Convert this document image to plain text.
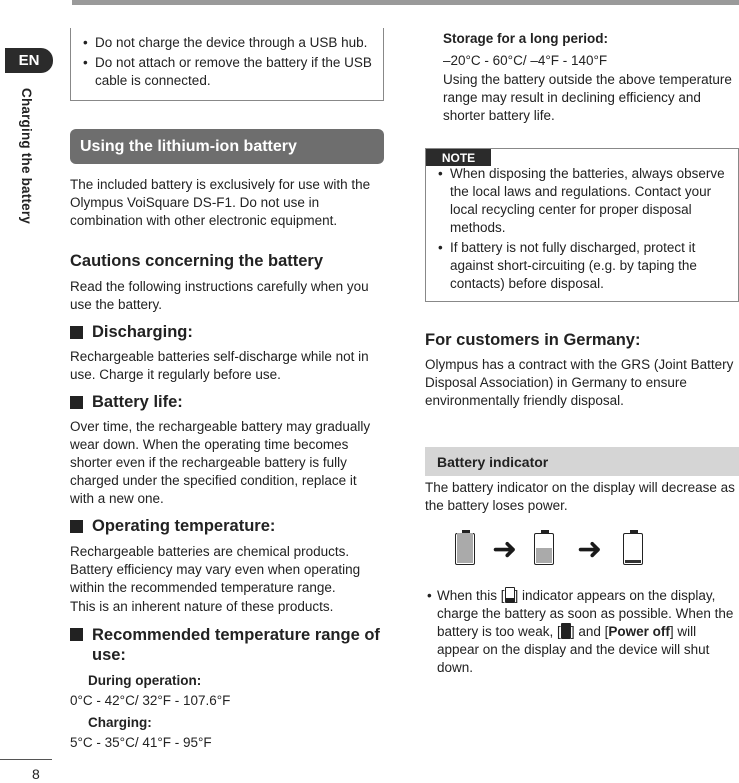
EN
Charging the battery
8
• Do not charge the device through a USB hub.
• Do not attach or remove the battery if the USB cable is connected.
Using the lithium-ion battery

The included battery is exclusively for use with the Olympus VoiSquare DS-F1. Do not use in combination with other electronic equipment.

Cautions concerning the battery

Read the following instructions carefully when you use the battery.

Discharging:

Rechargeable batteries self-discharge while not in use. Charge it regularly before use.

Battery life:

Over time, the rechargeable battery may gradually wear down. When the operating time becomes shorter even if the rechargeable battery is fully charged under the specified condition, replace it with a new one.

Operating temperature:

Rechargeable batteries are chemical products. Battery efficiency may vary even when operating within the recommended temperature range.

This is an inherent nature of these products.

Recommended temperature range of use:
During operation:

0°C - 42°C/ 32°F - 107.6°F

Charging:

5°C - 35°C/ 41°F - 95°F

Storage for a long period:

–20°C - 60°C/ –4°F - 140°F

Using the battery outside the above temperature range may result in declining efficiency and shorter battery life.

NOTE
• When disposing the batteries, always observe the local laws and regulations. Contact your local recycling center for proper disposal methods.
• If battery is not fully discharged, protect it against short-circuiting (e.g. by taping the contacts) before disposal.

For customers in Germany:

Olympus has a contract with the GRS (Joint Battery Disposal Association) in Germany to ensure environmentally friendly disposal.

Battery indicator

The battery indicator on the display will decrease as the battery loses power.

➜ ➜
• When this [ ] indicator appears on the display, charge the battery as soon as possible. When the battery is too weak, [ ] and [Power off] will appear on the display and the device will shut down.
